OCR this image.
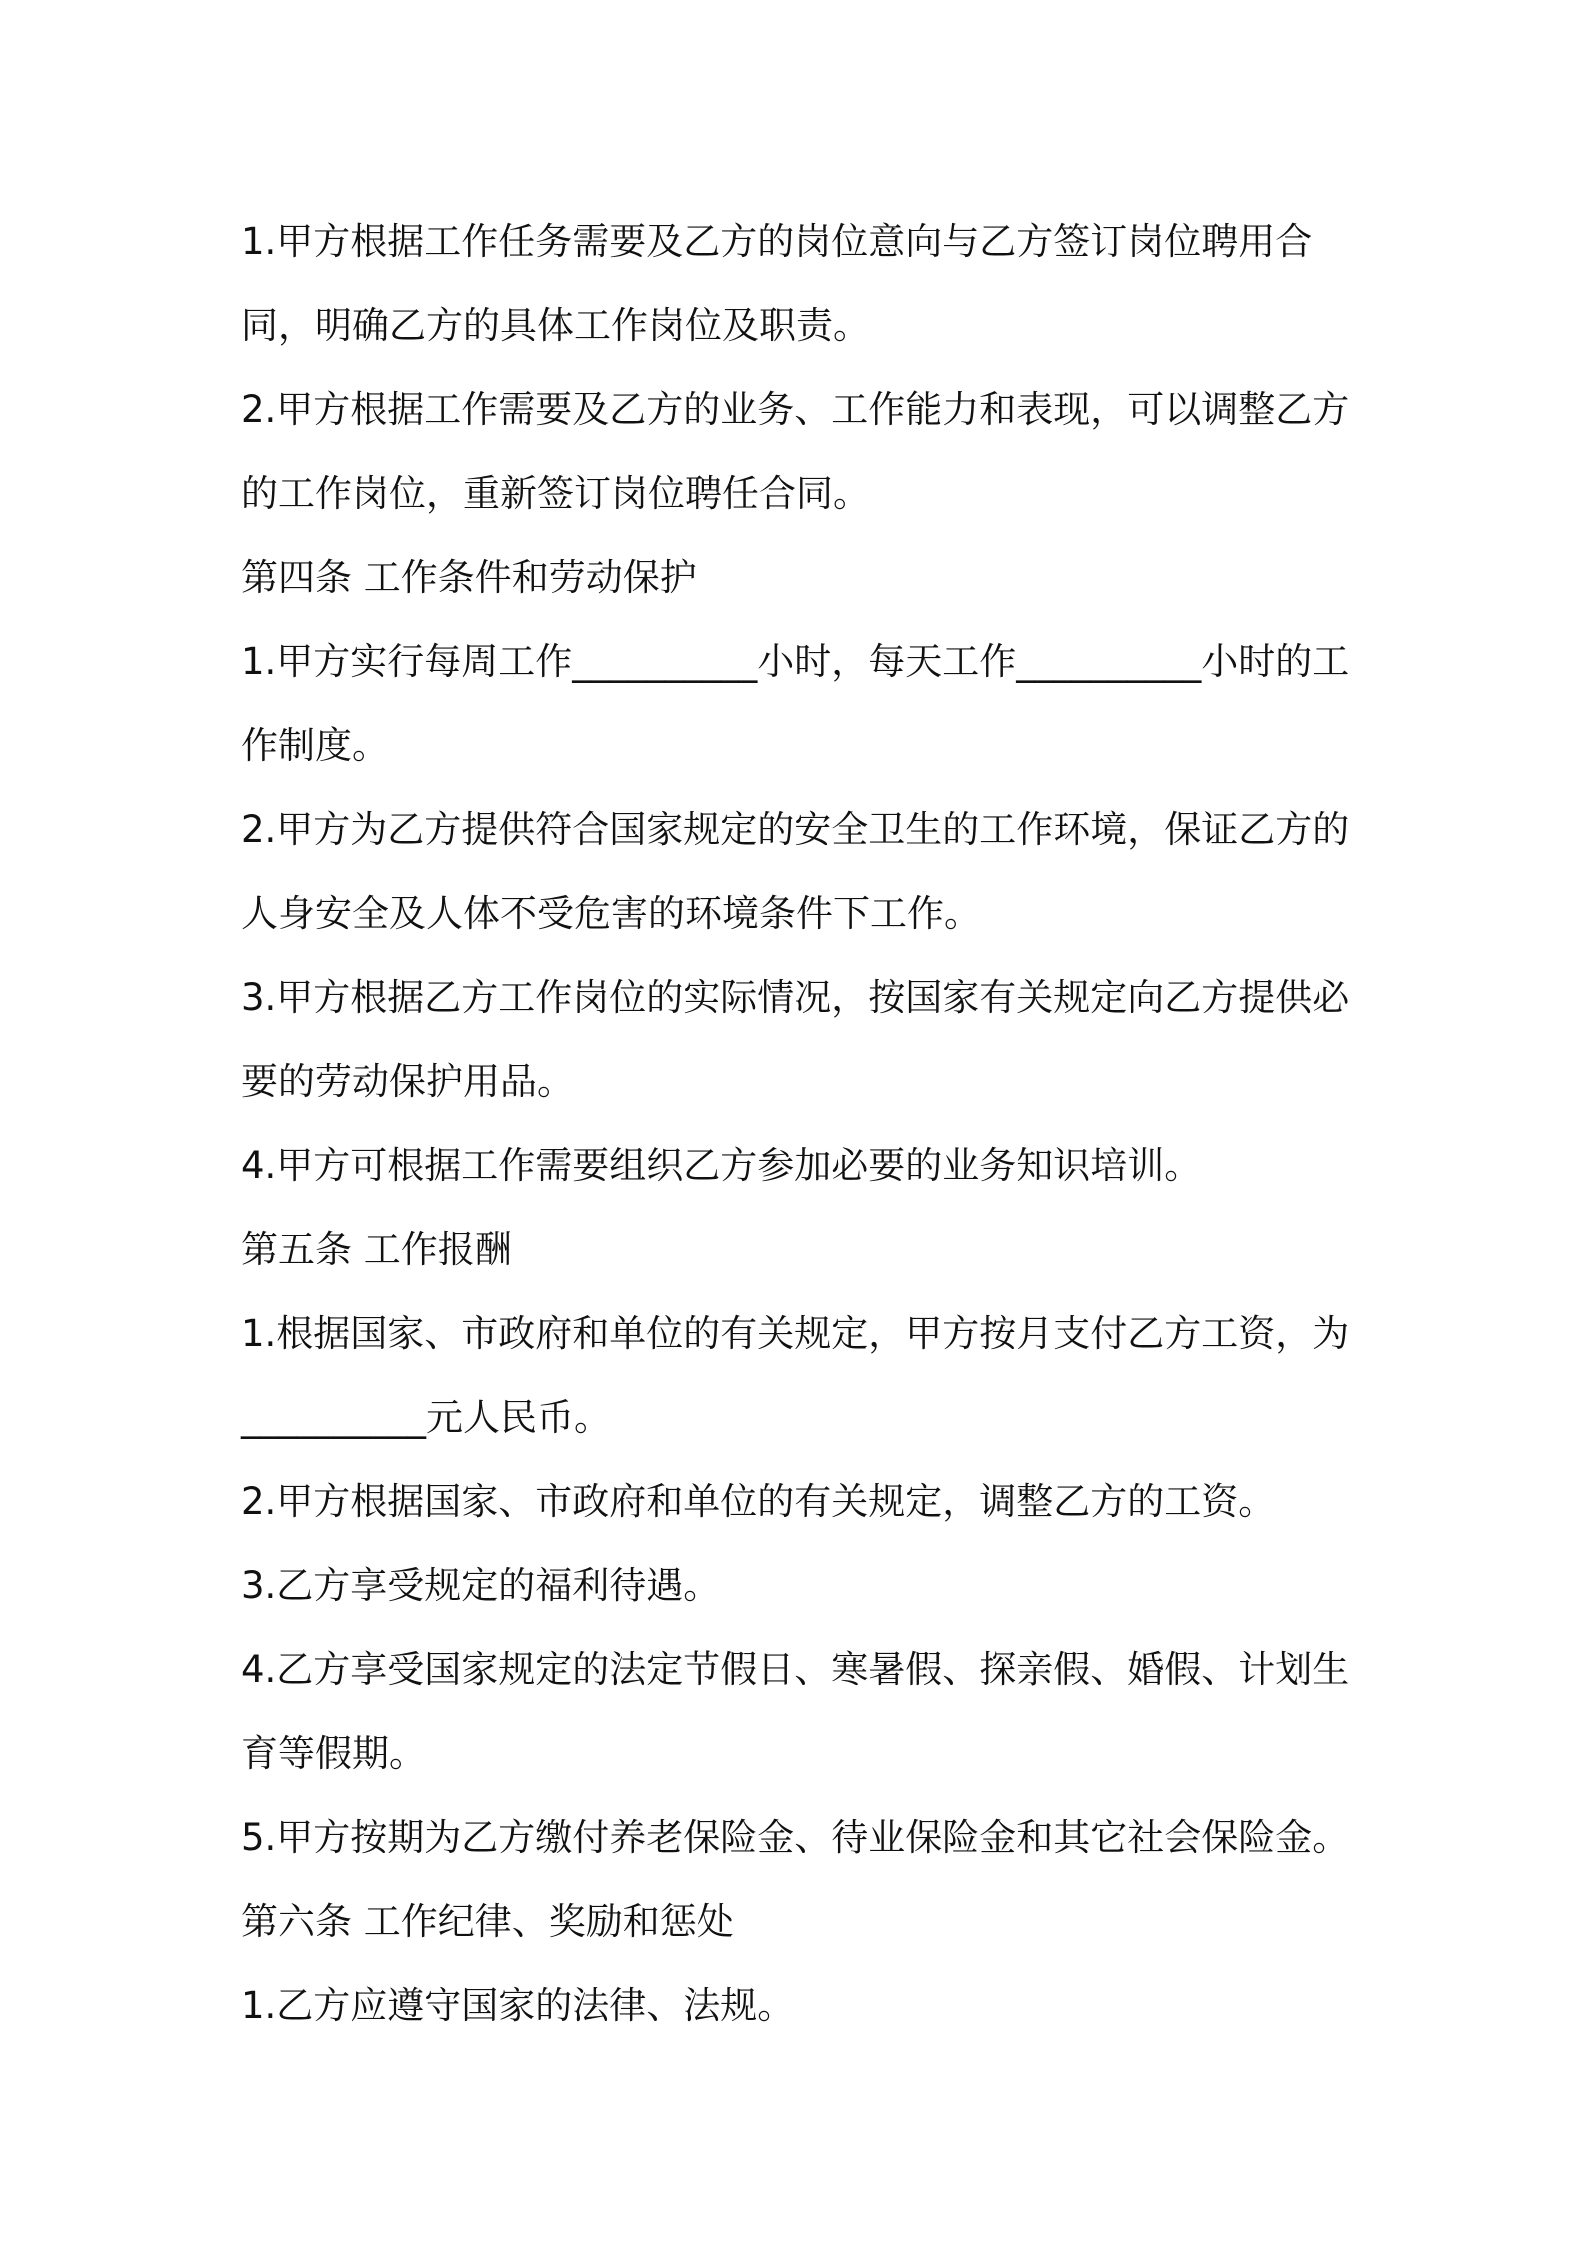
1.甲方根据工作任务需要及乙方的岗位意向与乙方签订岗位聘用合同，明确乙方的具体工作岗位及职责。

2.甲方根据工作需要及乙方的业务、工作能力和表现，可以调整乙方的工作岗位，重新签订岗位聘任合同。

第四条 工作条件和劳动保护

1.甲方实行每周工作__________小时，每天工作__________小时的工作制度。

2.甲方为乙方提供符合国家规定的安全卫生的工作环境，保证乙方的人身安全及人体不受危害的环境条件下工作。

3.甲方根据乙方工作岗位的实际情况，按国家有关规定向乙方提供必要的劳动保护用品。

4.甲方可根据工作需要组织乙方参加必要的业务知识培训。

第五条 工作报酬

1.根据国家、市政府和单位的有关规定，甲方按月支付乙方工资，为__________元人民币。

2.甲方根据国家、市政府和单位的有关规定，调整乙方的工资。

3.乙方享受规定的福利待遇。

4.乙方享受国家规定的法定节假日、寒暑假、探亲假、婚假、计划生育等假期。

5.甲方按期为乙方缴付养老保险金、待业保险金和其它社会保险金。

第六条 工作纪律、奖励和惩处

1.乙方应遵守国家的法律、法规。
